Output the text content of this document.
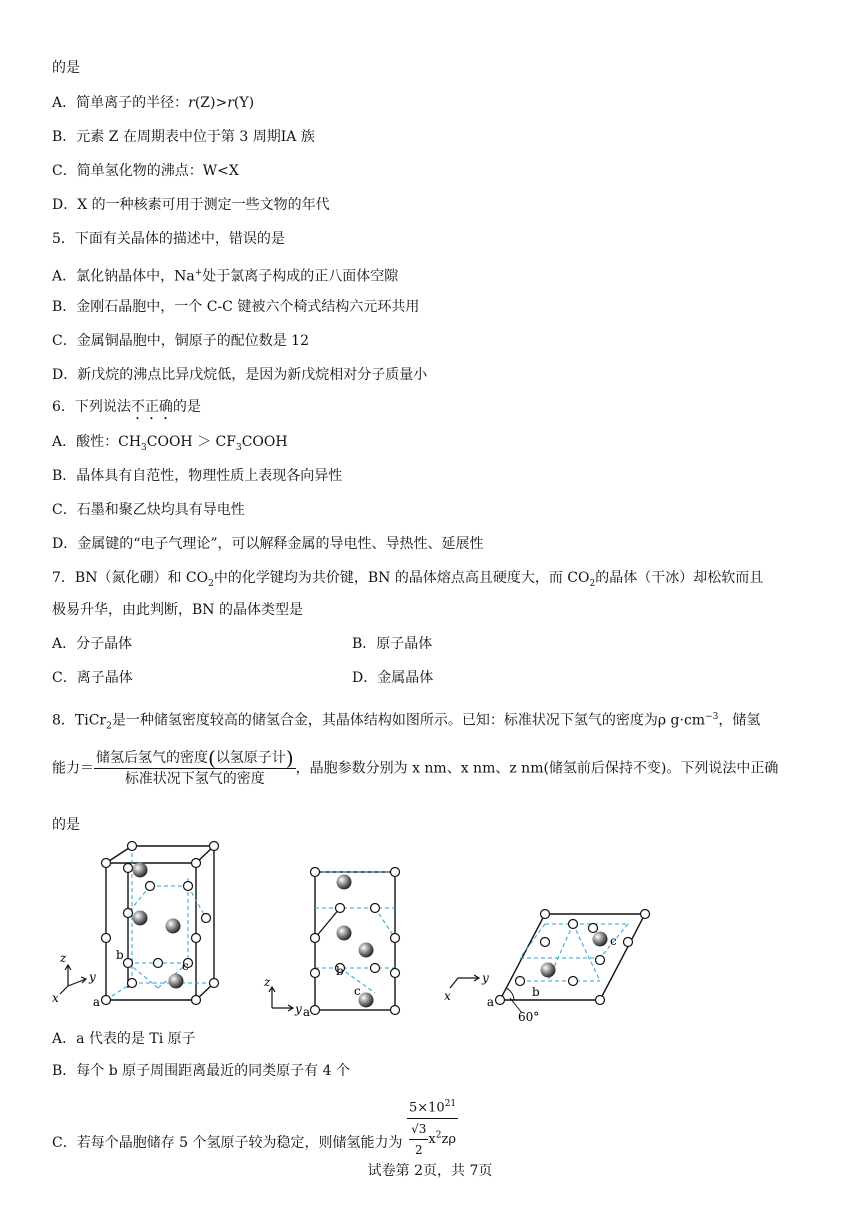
的是
A．简单离子的半径：r(Z)>r(Y)
B．元素 Z 在周期表中位于第 3 周期IA 族
C．简单氢化物的沸点：W<X
D．X 的一种核素可用于测定一些文物的年代
5．下面有关晶体的描述中，错误的是
A．氯化钠晶体中，Na+处于氯离子构成的正八面体空隙
B．金刚石晶胞中，一个 C-C 键被六个椅式结构六元环共用
C．金属铜晶胞中，铜原子的配位数是 12
D．新戊烷的沸点比异戊烷低，是因为新戊烷相对分子质量小
6．下列说法不正确的是
A．酸性：$CH_3COOH$ ＞ $CF_3COOH$
B．晶体具有自范性，物理性质上表现各向异性
C．石墨和聚乙炔均具有导电性
D．金属键的“电子气理论”，可以解释金属的导电性、导热性、延展性
7．BN（氮化硼）和 $CO_2$中的化学键均为共价键，BN 的晶体熔点高且硬度大，而 $CO_2$的晶体（干冰）却松软而且
极易升华，由此判断，BN 的晶体类型是
A．分子晶体	B．原子晶体
C．离子晶体	D．金属晶体
8．TiCr$_2$是一种储氢密度较高的储氢合金，其晶体结构如图所示。已知：标准状况下氢气的密度为ρ $g\cdot cm^{-3}$，储氢
能力＝ $\frac{\text{储氢后氢气的密度(以氢原子计)}}{\text{标准状况下氢气的密度}}$ ，晶胞参数分别为 x nm、x nm、z nm(储氢前后保持不变)。下列说法中正确
的是
a
b
c
z
y
x
a
b
c
z
y	a
b
c
60°
y
x
A．a 代表的是 Ti 原子
B．每个 b 原子周围距离最近的同类原子有 4 个
C．若每个晶胞储存 5 个氢原子较为稳定，则储氢能力为 $\frac{5\times 10^{21}}{\frac{√3}{2} x^2z\rho}$
试卷第 2页，共 7页
